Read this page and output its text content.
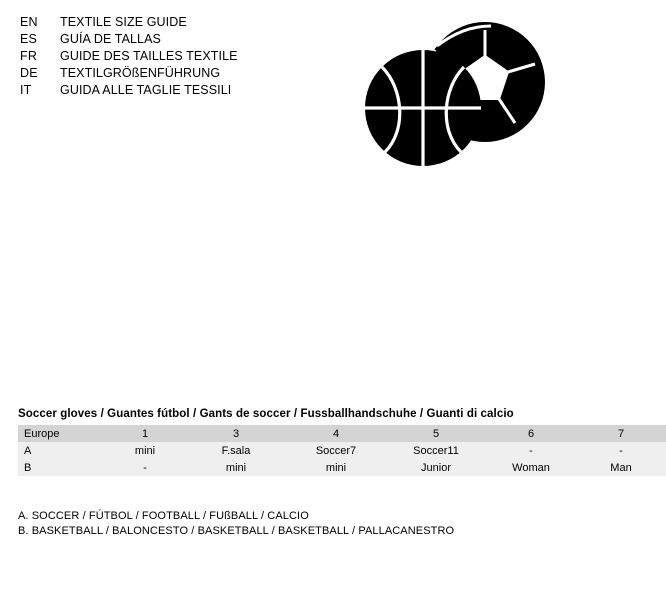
EN	TEXTILE SIZE GUIDE
ES	GUÍA DE TALLAS
FR	GUIDE DES TAILLES TEXTILE
DE	TEXTILGRÖßENFÜHRUNG
IT	GUIDA ALLE TAGLIE TESSILI
Soccer gloves / Guantes fútbol / Gants de soccer / Fussballhandschuhe / Guanti di calcio
Europe	1	3	4	5	6	7
A	mini	F.sala	Soccer7	Soccer11	-	-
B	-	mini	mini	Junior	Woman	Man
A. SOCCER / FÚTBOL / FOOTBALL / FUßBALL / CALCIO
B. BASKETBALL / BALONCESTO / BASKETBALL / BASKETBALL / PALLACANESTRO
